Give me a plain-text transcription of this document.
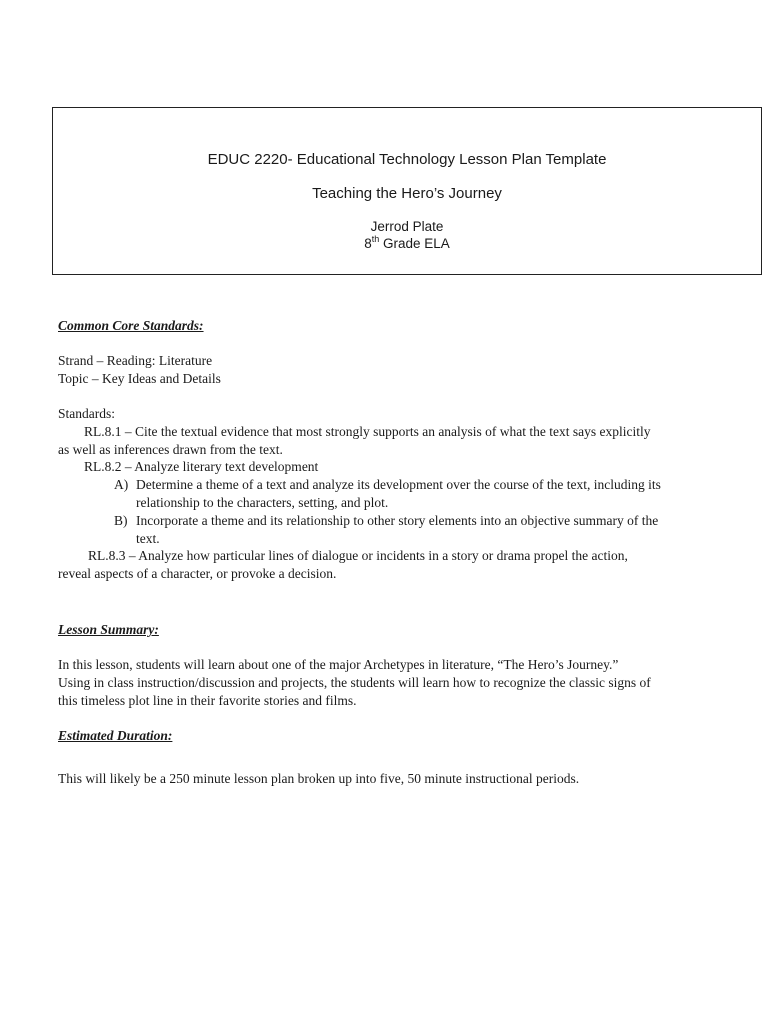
EDUC 2220- Educational Technology Lesson Plan Template
Teaching the Hero’s Journey
Jerrod Plate
8th Grade ELA
Common Core Standards:
Strand – Reading: Literature
Topic – Key Ideas and Details
Standards:
RL.8.1 – Cite the textual evidence that most strongly supports an analysis of what the text says explicitly
as well as inferences drawn from the text.
RL.8.2 – Analyze literary text development
A) Determine a theme of a text and analyze its development over the course of the text, including its
relationship to the characters, setting, and plot.
B) Incorporate a theme and its relationship to other story elements into an objective summary of the
text.
RL.8.3 – Analyze how particular lines of dialogue or incidents in a story or drama propel the action,
reveal aspects of a character, or provoke a decision.
Lesson Summary:
In this lesson, students will learn about one of the major Archetypes in literature, “The Hero’s Journey.”
Using in class instruction/discussion and projects, the students will learn how to recognize the classic signs of
this timeless plot line in their favorite stories and films.
Estimated Duration:
This will likely be a 250 minute lesson plan broken up into five, 50 minute instructional periods.
